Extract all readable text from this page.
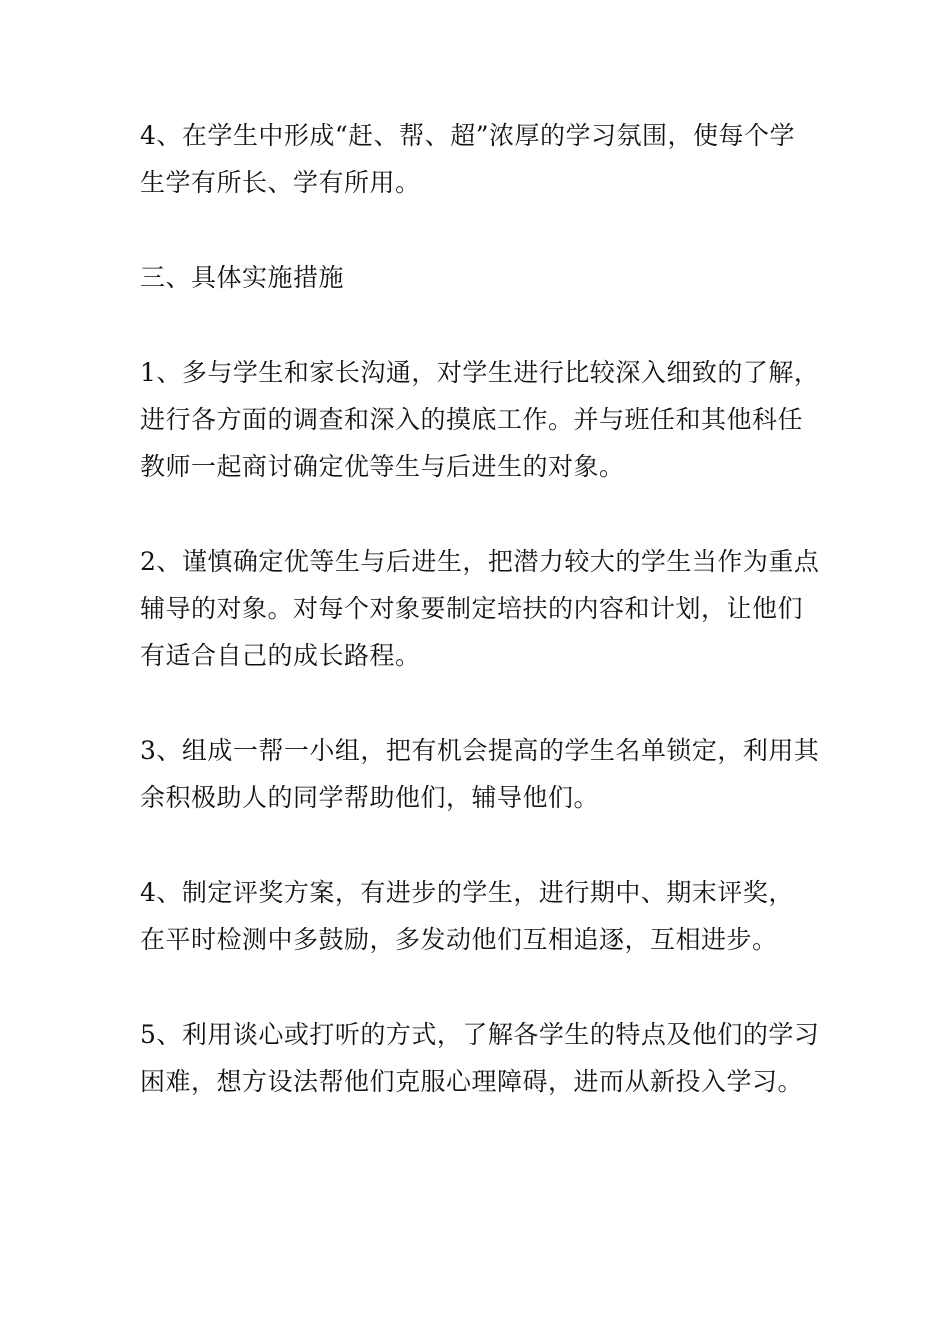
4、在学生中形成“赶、帮、超”浓厚的学习氛围，使每个学
生学有所长、学有所用。

三、具体实施措施

1、多与学生和家长沟通，对学生进行比较深入细致的了解，
进行各方面的调查和深入的摸底工作。并与班任和其他科任
教师一起商讨确定优等生与后进生的对象。

2、谨慎确定优等生与后进生，把潜力较大的学生当作为重点
辅导的对象。对每个对象要制定培扶的内容和计划，让他们
有适合自己的成长路程。

3、组成一帮一小组，把有机会提高的学生名单锁定，利用其
余积极助人的同学帮助他们，辅导他们。

4、制定评奖方案，有进步的学生，进行期中、期末评奖，
在平时检测中多鼓励，多发动他们互相追逐，互相进步。

5、利用谈心或打听的方式，了解各学生的特点及他们的学习
困难，想方设法帮他们克服心理障碍，进而从新投入学习。
